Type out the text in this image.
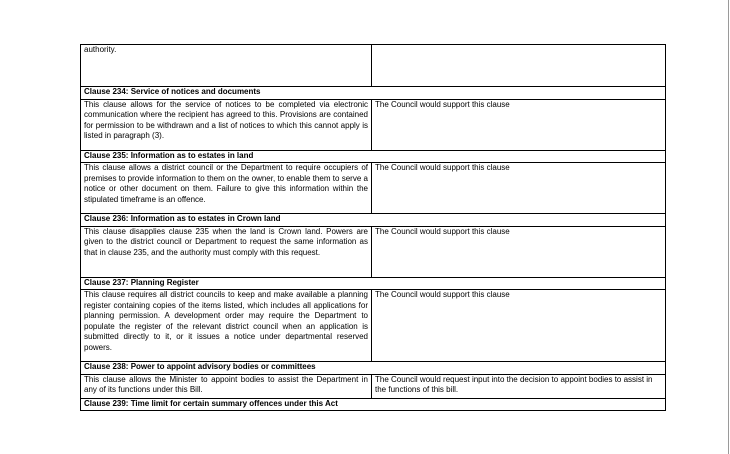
authority.	
Clause 234: Service of notices and documents	
This clause allows for the service of notices to be completed via electronic communication where the recipient has agreed to this. Provisions are contained for permission to be withdrawn and a list of notices to which this cannot apply is listed in paragraph (3).	The Council would support this clause
Clause 235: Information as to estates in land	
This clause allows a district council or the Department to require occupiers of premises to provide information to them on the owner, to enable them to serve a notice or other document on them. Failure to give this information within the stipulated timeframe is an offence.	The Council would support this clause
Clause 236: Information as to estates in Crown land	
This clause disapplies clause 235 when the land is Crown land. Powers are given to the district council or Department to request the same information as that in clause 235, and the authority must comply with this request.	The Council would support this clause
Clause 237: Planning Register	
This clause requires all district councils to keep and make available a planning register containing copies of the items listed, which includes all applications for planning permission. A development order may require the Department to populate the register of the relevant district council when an application is submitted directly to it, or it issues a notice under departmental reserved powers.	The Council would support this clause
Clause 238: Power to appoint advisory bodies or committees	
This clause allows the Minister to appoint bodies to assist the Department in any of its functions under this Bill.	The Council would request input into the decision to appoint bodies to assist in the functions of this bill.
Clause 239: Time limit for certain summary offences under this Act	
